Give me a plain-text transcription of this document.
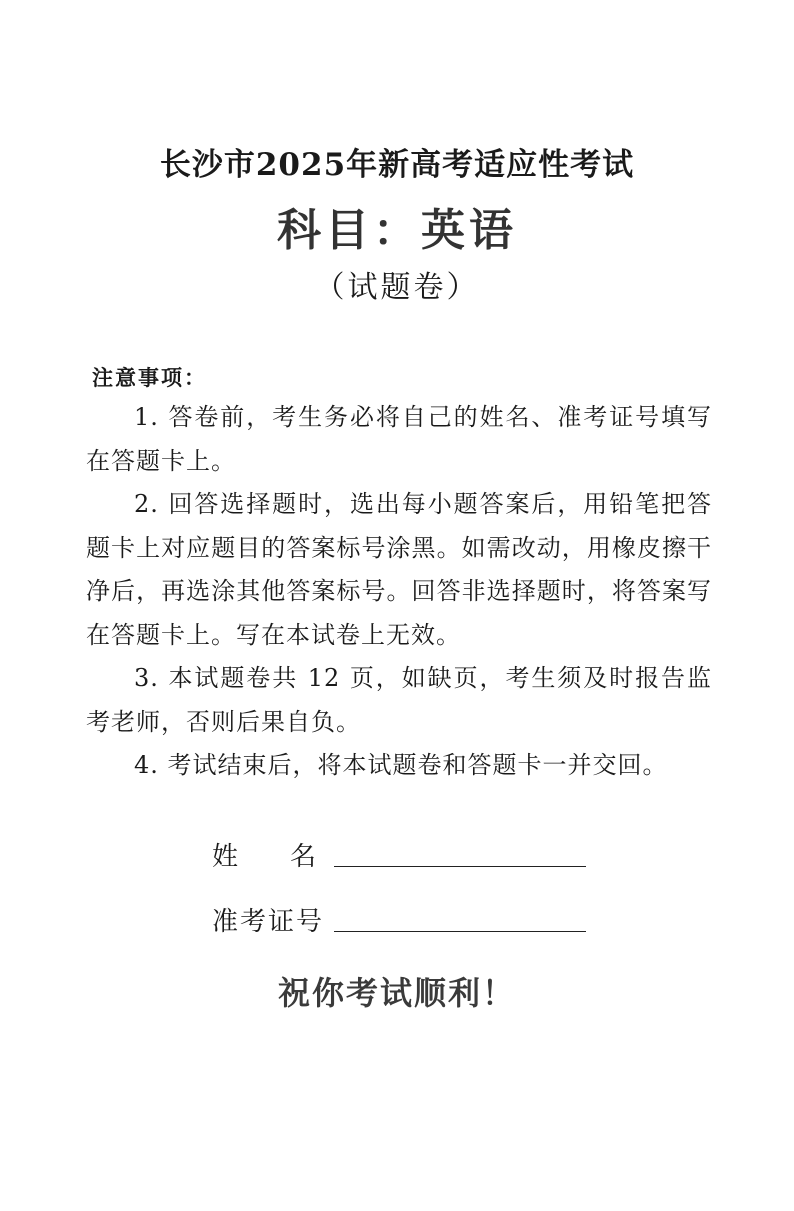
长沙市2025年新高考适应性考试
科目：英语
（试题卷）
注意事项：

1. 答卷前，考生务必将自己的姓名、准考证号填写在答题卡上。

2. 回答选择题时，选出每小题答案后，用铅笔把答题卡上对应题目的答案标号涂黑。如需改动，用橡皮擦干净后，再选涂其他答案标号。回答非选择题时，将答案写在答题卡上。写在本试卷上无效。

3. 本试题卷共 12 页，如缺页，考生须及时报告监考老师，否则后果自负。

4. 考试结束后，将本试题卷和答题卡一并交回。

姓名
准考证号
祝你考试顺利！
